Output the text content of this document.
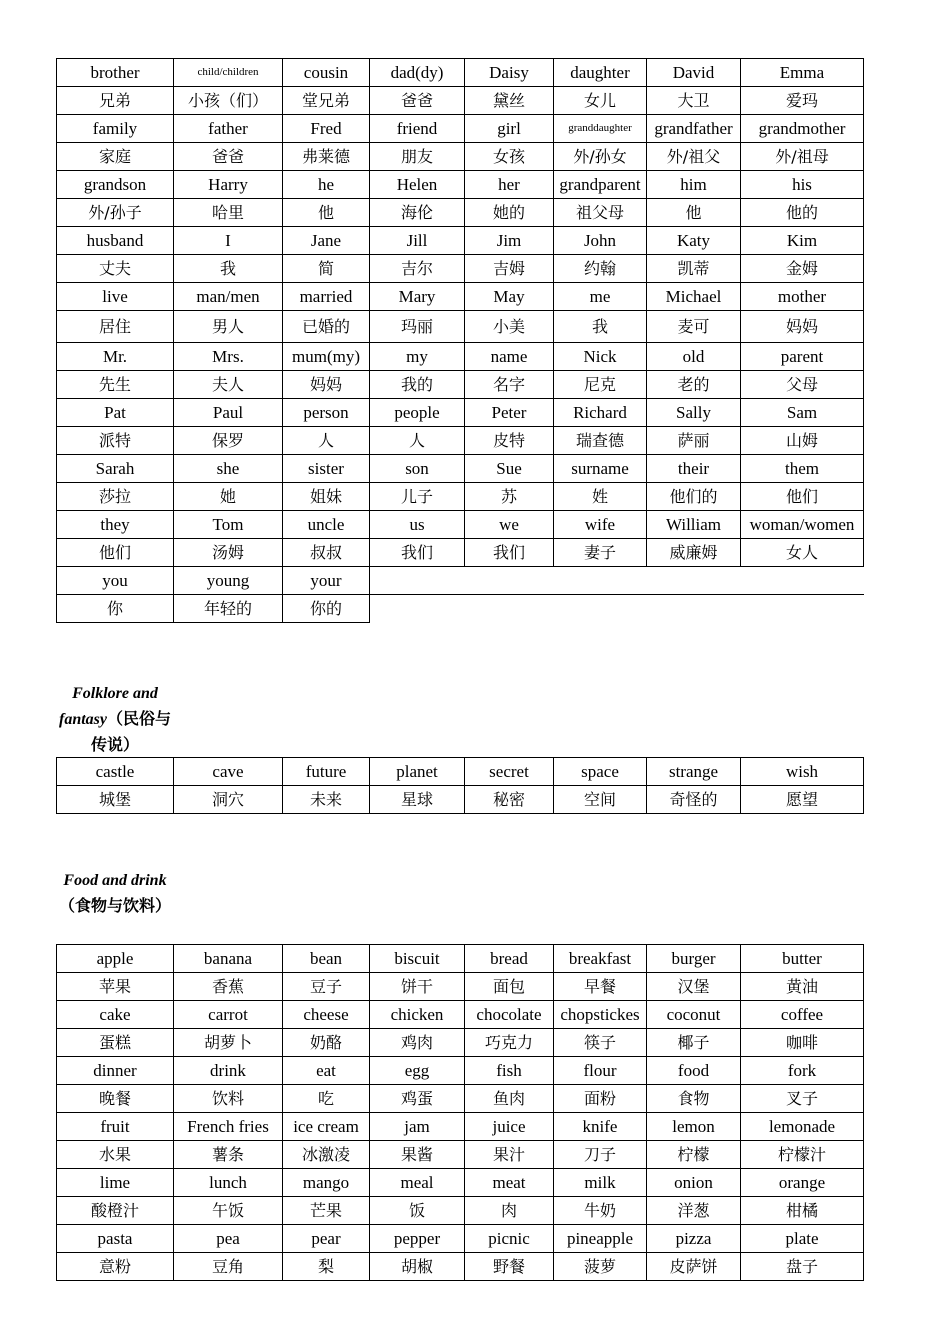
brother	child/children	cousin	dad(dy)	Daisy	daughter	David	Emma
兄弟	小孩（们）	堂兄弟	爸爸	黛丝	女儿	大卫	爱玛
family	father	Fred	friend	girl	granddaughter	grandfather	grandmother
家庭	爸爸	弗莱德	朋友	女孩	外/孙女	外/祖父	外/祖母
grandson	Harry	he	Helen	her	grandparent	him	his
外/孙子	哈里	他	海伦	她的	祖父母	他	他的
husband	I	Jane	Jill	Jim	John	Katy	Kim
丈夫	我	简	吉尔	吉姆	约翰	凯蒂	金姆
live	man/men	married	Mary	May	me	Michael	mother
居住	男人	已婚的	玛丽	小美	我	麦可	妈妈
Mr.	Mrs.	mum(my)	my	name	Nick	old	parent
先生	夫人	妈妈	我的	名字	尼克	老的	父母
Pat	Paul	person	people	Peter	Richard	Sally	Sam
派特	保罗	人	人	皮特	瑞查德	萨丽	山姆
Sarah	she	sister	son	Sue	surname	their	them
莎拉	她	姐妹	儿子	苏	姓	他们的	他们
they	Tom	uncle	us	we	wife	William	woman/women
他们	汤姆	叔叔	我们	我们	妻子	威廉姆	女人
you	young	your					
你	年轻的	你的					
Folklore and fantasy（民俗与传说）
castle	cave	future	planet	secret	space	strange	wish
城堡	洞穴	未来	星球	秘密	空间	奇怪的	愿望
Food and drink（食物与饮料）
apple	banana	bean	biscuit	bread	breakfast	burger	butter
苹果	香蕉	豆子	饼干	面包	早餐	汉堡	黄油
cake	carrot	cheese	chicken	chocolate	chopstickes	coconut	coffee
蛋糕	胡萝卜	奶酪	鸡肉	巧克力	筷子	椰子	咖啡
dinner	drink	eat	egg	fish	flour	food	fork
晚餐	饮料	吃	鸡蛋	鱼肉	面粉	食物	叉子
fruit	French fries	ice cream	jam	juice	knife	lemon	lemonade
水果	薯条	冰激凌	果酱	果汁	刀子	柠檬	柠檬汁
lime	lunch	mango	meal	meat	milk	onion	orange
酸橙汁	午饭	芒果	饭	肉	牛奶	洋葱	柑橘
pasta	pea	pear	pepper	picnic	pineapple	pizza	plate
意粉	豆角	梨	胡椒	野餐	菠萝	皮萨饼	盘子
